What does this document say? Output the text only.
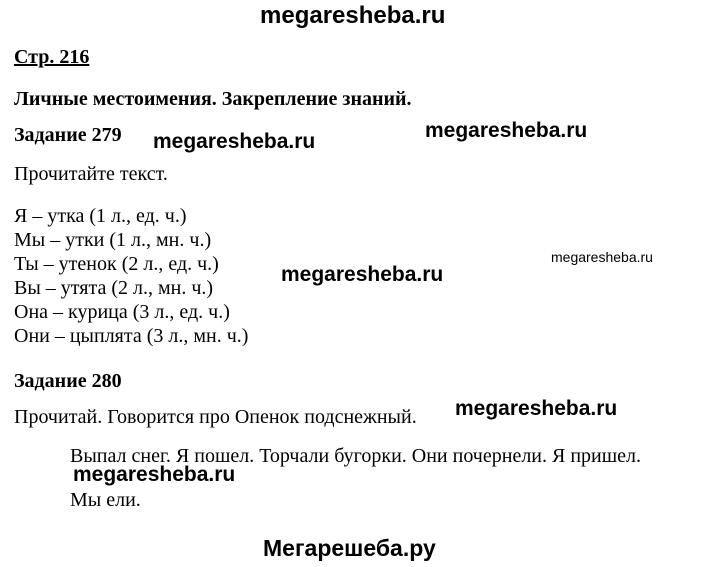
megaresheba.ru
Стр. 216
Личные местоимения. Закрепление знаний.
Задание 279 megaresheba.ru	megaresheba.ru
Прочитайте текст.
Я – утка (1 л., ед. ч.)
Мы – утки (1 л., мн. ч.)
Ты – утенок (2 л., ед. ч.)
Вы – утята (2 л., мн. ч.)
Она – курица (3 л., ед. ч.)
Они – цыплята (3 л., мн. ч.)
megaresheba.ru
megaresheba.ru
Задание 280
Прочитай. Говорится про Опенок подснежный. megaresheba.ru
Выпал снег. Я пошел. Торчали бугорки. Они почернели. Я пришел.
Мы ели.
megaresheba.ru
Мегарешеба.ру
